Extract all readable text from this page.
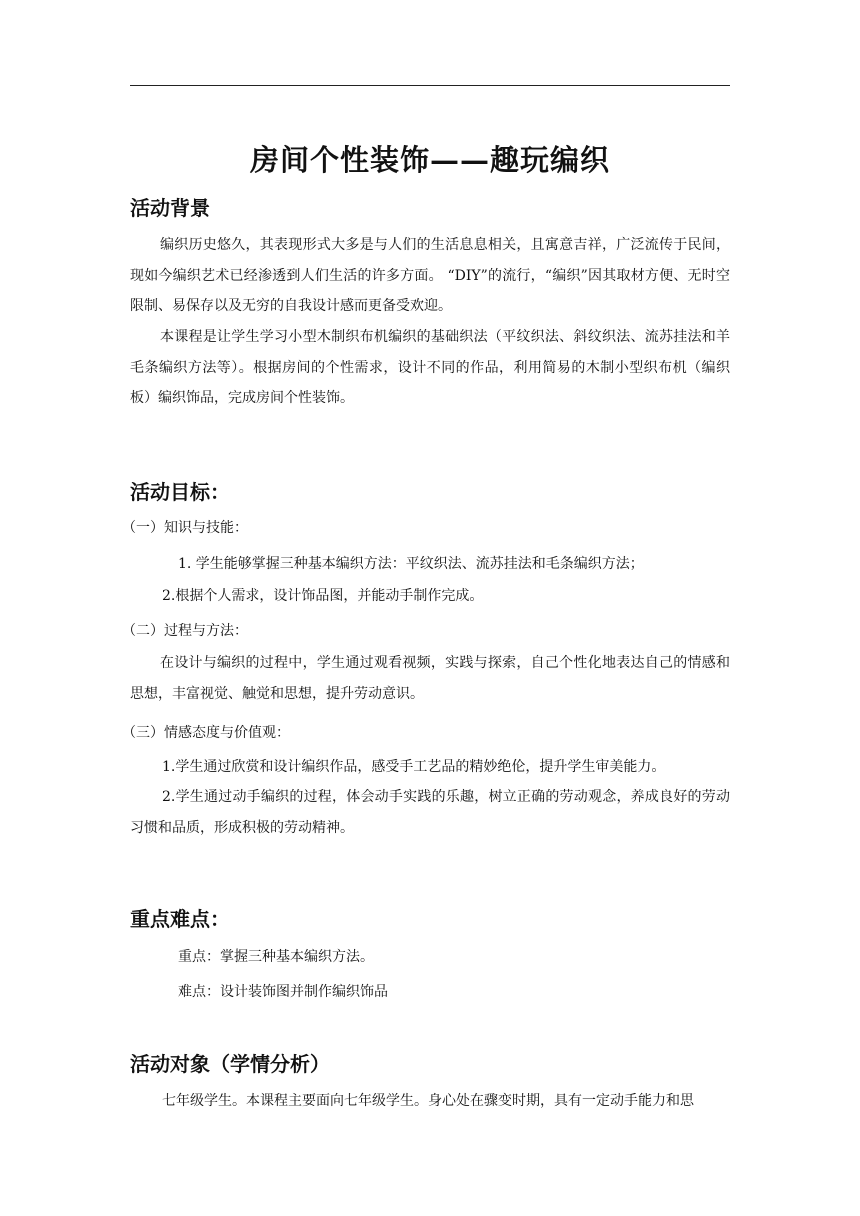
房间个性装饰——趣玩编织
活动背景
编织历史悠久，其表现形式大多是与人们的生活息息相关，且寓意吉祥，广泛流传于民间，现如今编织艺术已经渗透到人们生活的许多方面。 “DIY”的流行，“编织”因其取材方便、无时空限制、易保存以及无穷的自我设计感而更备受欢迎。
本课程是让学生学习小型木制织布机编织的基础织法（平纹织法、斜纹织法、流苏挂法和羊毛条编织方法等）。根据房间的个性需求，设计不同的作品，利用简易的木制小型织布机（编织板）编织饰品，完成房间个性装饰。
活动目标：
（一）知识与技能：
1. 学生能够掌握三种基本编织方法：平纹织法、流苏挂法和毛条编织方法；
2.根据个人需求，设计饰品图，并能动手制作完成。
（二）过程与方法：
在设计与编织的过程中，学生通过观看视频，实践与探索，自己个性化地表达自己的情感和思想，丰富视觉、触觉和思想，提升劳动意识。
（三）情感态度与价值观：
1.学生通过欣赏和设计编织作品，感受手工艺品的精妙绝伦，提升学生审美能力。
2.学生通过动手编织的过程，体会动手实践的乐趣，树立正确的劳动观念，养成良好的劳动习惯和品质，形成积极的劳动精神。
重点难点：
重点：掌握三种基本编织方法。
难点：设计装饰图并制作编织饰品
活动对象（学情分析）
七年级学生。本课程主要面向七年级学生。身心处在骤变时期，具有一定动手能力和思
